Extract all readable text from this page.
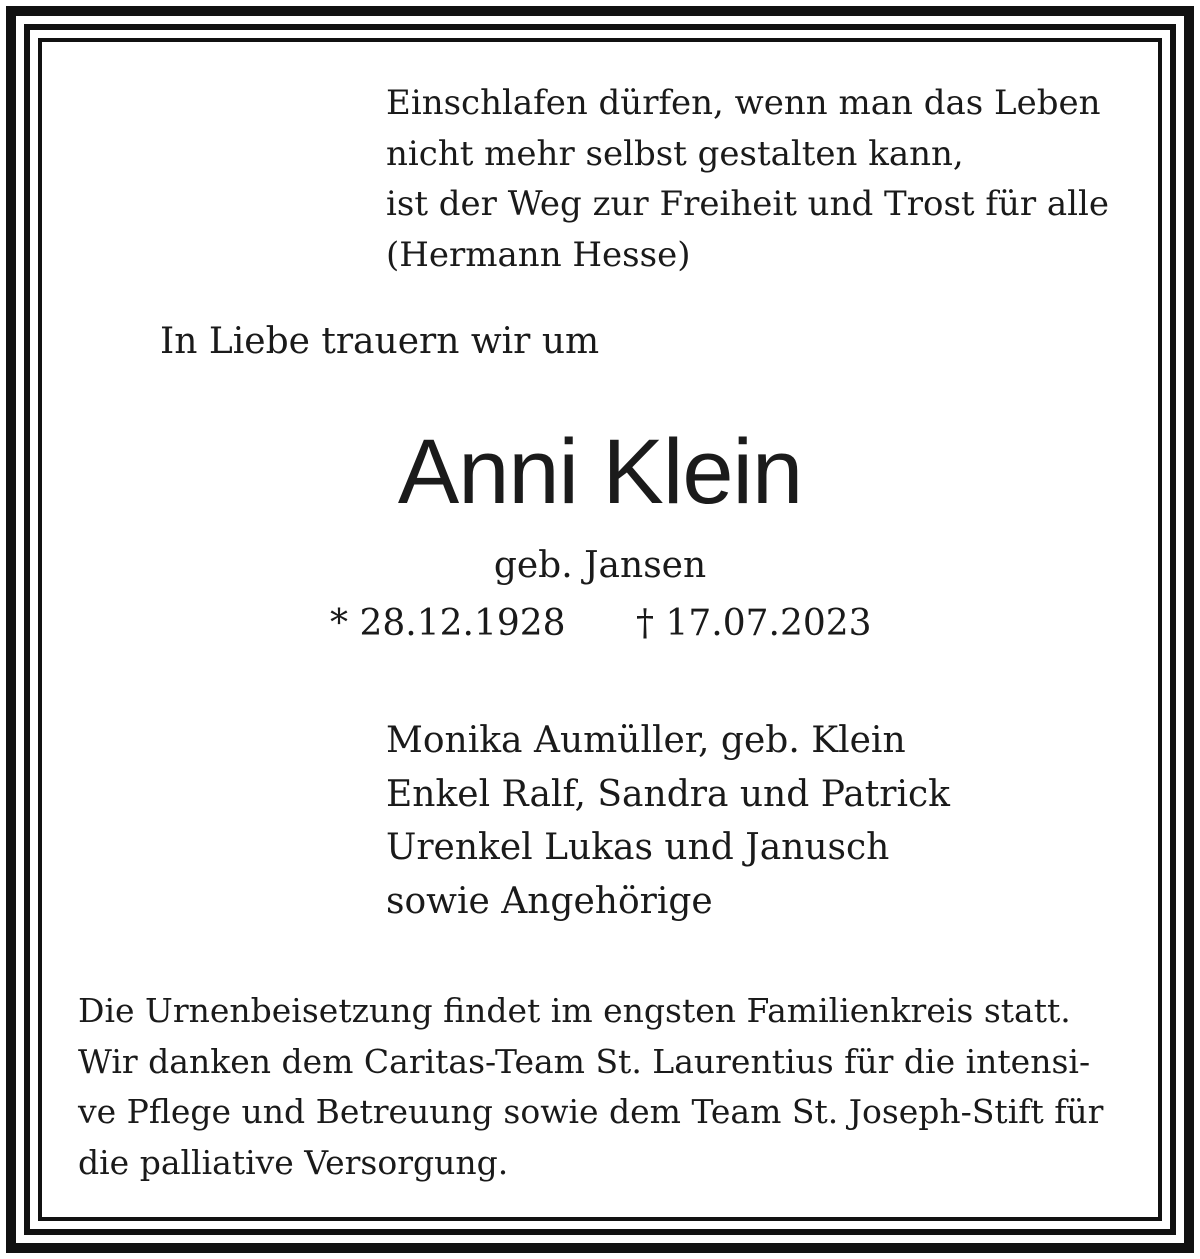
Einschlafen dürfen, wenn man das Leben
nicht mehr selbst gestalten kann,
ist der Weg zur Freiheit und Trost für alle
(Hermann Hesse)
In Liebe trauern wir um
Anni Klein
geb. Jansen
* 28.12.1928 † 17.07.2023
Monika Aumüller, geb. Klein
Enkel Ralf, Sandra und Patrick
Urenkel Lukas und Janusch
sowie Angehörige
Die Urnenbeisetzung findet im engsten Familienkreis statt.
Wir danken dem Caritas-Team St. Laurentius für die intensi-
ve Pflege und Betreuung sowie dem Team St. Joseph-Stift für
die palliative Versorgung.
